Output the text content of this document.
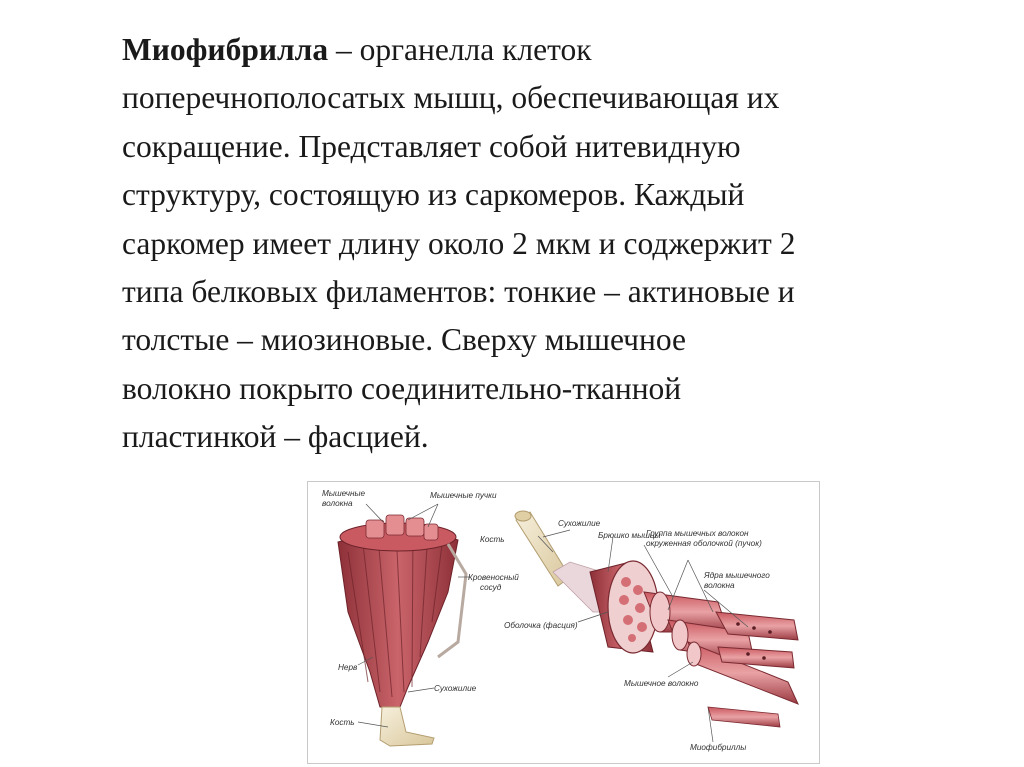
Миофибрилла – органелла клеток
поперечнополосатых мышц, обеспечивающая их
сокращение. Представляет собой нитевидную
структуру, состоящую из саркомеров. Каждый
саркомер имеет длину около 2 мкм и соджержит 2
типа белковых филаментов: тонкие – актиновые и
толстые – миозиновые. Сверху мышечное
волокно покрыто соединительно-тканной
пластинкой – фасцией.

Мышечные
волокна
Мышечные пучки
Кость
Кровеносный
сосуд
Нерв
Сухожилие
Кость
Сухожилие
Брюшко мышцы
Группа мышечных волокон
окруженная оболочкой (пучок)
Ядра мышечного
волокна
Оболочка (фасция)
Мышечное волокно
Миофибриллы
